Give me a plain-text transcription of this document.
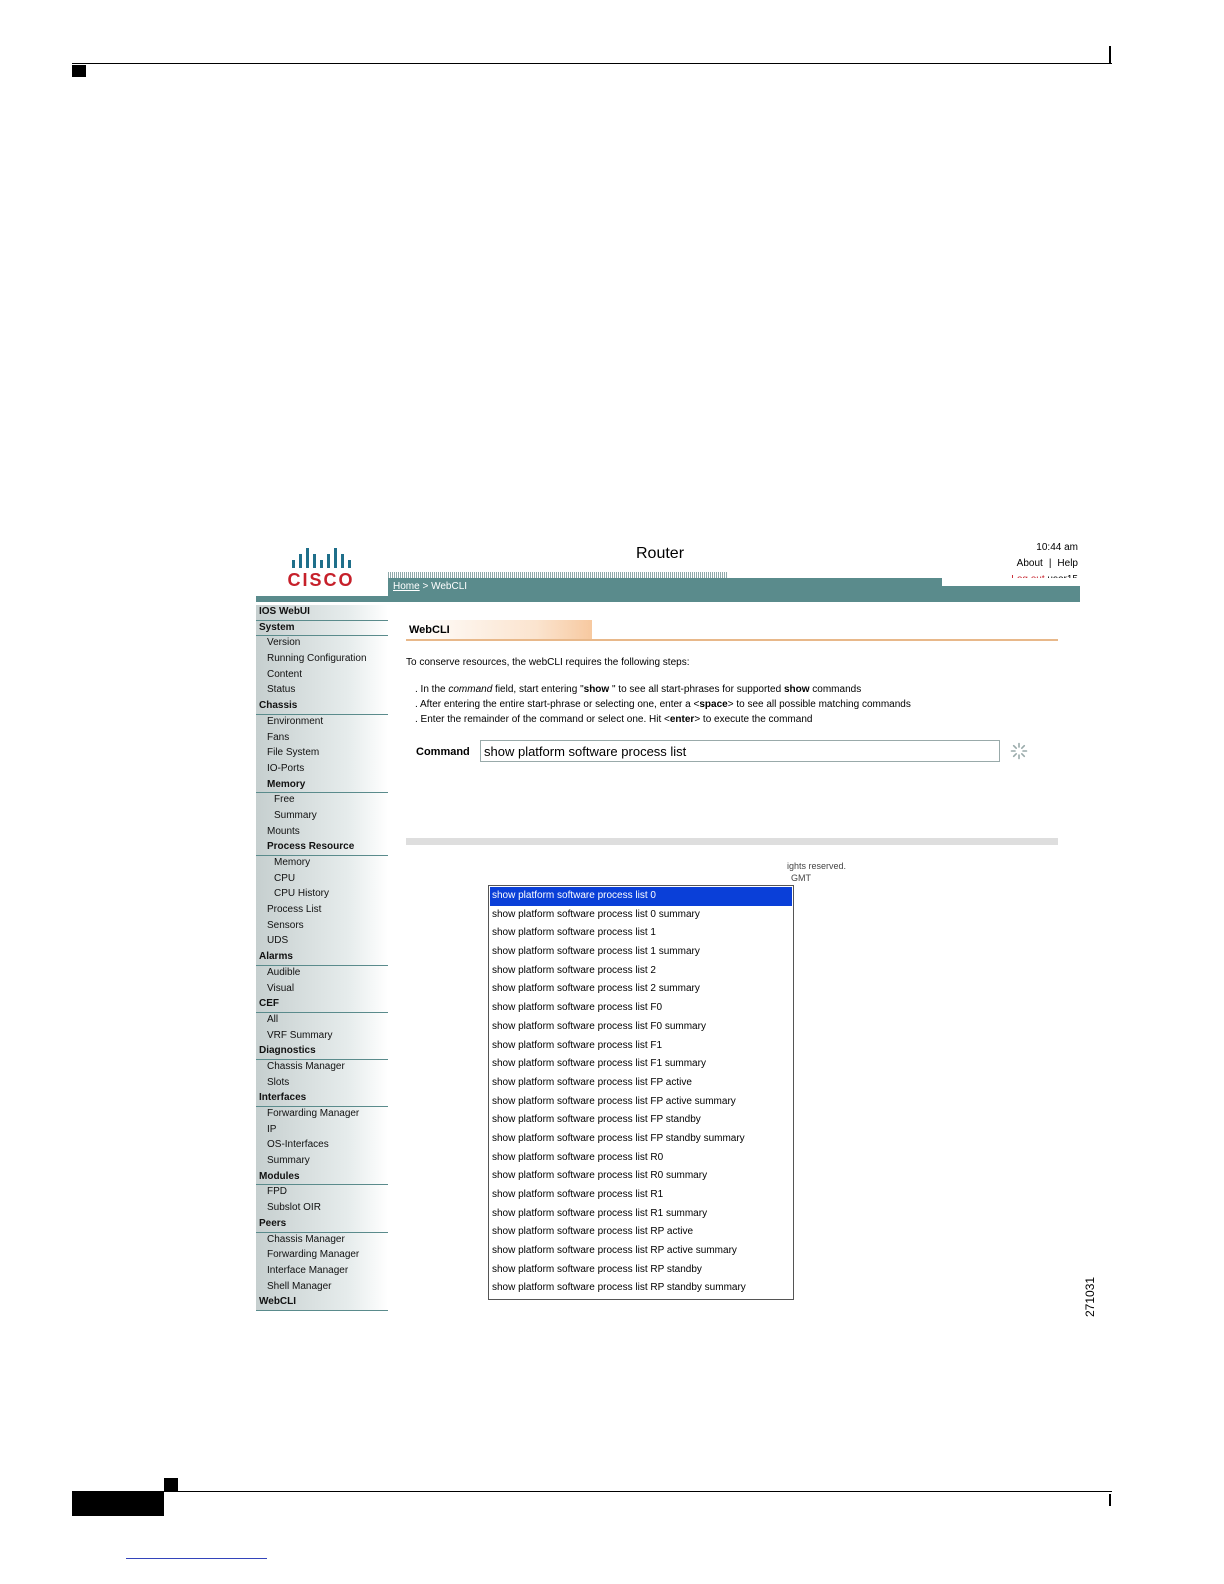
CISCO
Router	10:44 am
About | Help
Home > WebCLI
IOS WebUI
System
Version
Running Configuration
Content
Status
Chassis
Environment
Fans
File System
IO-Ports
Memory
Free
Summary
Mounts
Process Resource
Memory
CPU
CPU History
Process List
Sensors
UDS
Alarms
Audible
Visual
CEF
All
VRF Summary
Diagnostics
Chassis Manager
Slots
Interfaces
Forwarding Manager
IP
OS-Interfaces
Summary
Modules
FPD
Subslot OIR
Peers
Chassis Manager
Forwarding Manager
Interface Manager
Shell Manager
WebCLI
WebCLI
To conserve resources, the webCLI requires the following steps:
. In the command field, start entering "show " to see all start-phrases for supported show commands
. After entering the entire start-phrase or selecting one, enter a <space> to see all possible matching commands
. Enter the remainder of the command or select one. Hit <enter> to execute the command
ights reserved.
GMT
Command
show platform software process list
show platform software process list 0
show platform software process list 0 summary
show platform software process list 1
show platform software process list 1 summary
show platform software process list 2
show platform software process list 2 summary
show platform software process list F0
show platform software process list F0 summary
show platform software process list F1
show platform software process list F1 summary
show platform software process list FP active
show platform software process list FP active summary
show platform software process list FP standby
show platform software process list FP standby summary
show platform software process list R0
show platform software process list R0 summary
show platform software process list R1
show platform software process list R1 summary
show platform software process list RP active
show platform software process list RP active summary
show platform software process list RP standby
show platform software process list RP standby summary	271031
